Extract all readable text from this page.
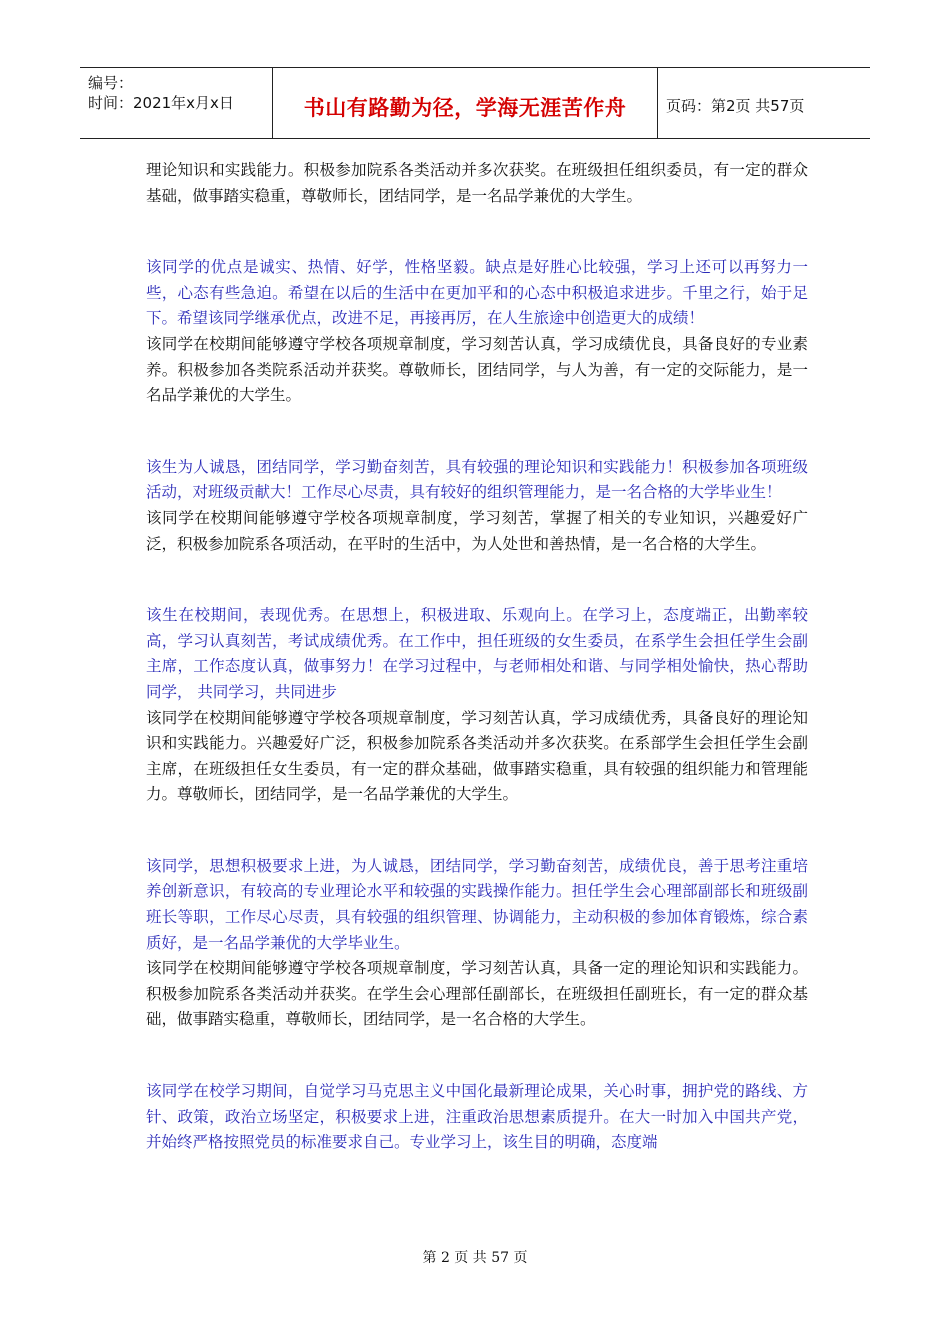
编号：
时间：2021年x月x日	书山有路勤为径，学海无涯苦作舟	页码：第2页 共57页

理论知识和实践能力。积极参加院系各类活动并多次获奖。在班级担任组织委员，有一定的群众基础，做事踏实稳重，尊敬师长，团结同学，是一名品学兼优的大学生。

该同学的优点是诚实、热情、好学，性格坚毅。缺点是好胜心比较强，学习上还可以再努力一些，心态有些急迫。希望在以后的生活中在更加平和的心态中积极追求进步。千里之行，始于足下。希望该同学继承优点，改进不足，再接再厉，在人生旅途中创造更大的成绩！

该同学在校期间能够遵守学校各项规章制度，学习刻苦认真，学习成绩优良，具备良好的专业素养。积极参加各类院系活动并获奖。尊敬师长，团结同学，与人为善，有一定的交际能力，是一名品学兼优的大学生。

该生为人诚恳，团结同学，学习勤奋刻苦，具有较强的理论知识和实践能力！积极参加各项班级活动，对班级贡献大！工作尽心尽责，具有较好的组织管理能力，是一名合格的大学毕业生！

该同学在校期间能够遵守学校各项规章制度，学习刻苦，掌握了相关的专业知识，兴趣爱好广泛，积极参加院系各项活动，在平时的生活中，为人处世和善热情，是一名合格的大学生。

该生在校期间，表现优秀。在思想上，积极进取、乐观向上。在学习上，态度端正，出勤率较高，学习认真刻苦，考试成绩优秀。在工作中，担任班级的女生委员，在系学生会担任学生会副主席，工作态度认真，做事努力！在学习过程中，与老师相处和谐、与同学相处愉快，热心帮助同学， 共同学习，共同进步

该同学在校期间能够遵守学校各项规章制度，学习刻苦认真，学习成绩优秀，具备良好的理论知识和实践能力。兴趣爱好广泛，积极参加院系各类活动并多次获奖。在系部学生会担任学生会副主席，在班级担任女生委员，有一定的群众基础，做事踏实稳重，具有较强的组织能力和管理能力。尊敬师长，团结同学，是一名品学兼优的大学生。

该同学，思想积极要求上进，为人诚恳，团结同学，学习勤奋刻苦，成绩优良，善于思考注重培养创新意识，有较高的专业理论水平和较强的实践操作能力。担任学生会心理部副部长和班级副班长等职，工作尽心尽责，具有较强的组织管理、协调能力，主动积极的参加体育锻炼，综合素质好，是一名品学兼优的大学毕业生。

该同学在校期间能够遵守学校各项规章制度，学习刻苦认真，具备一定的理论知识和实践能力。积极参加院系各类活动并获奖。在学生会心理部任副部长，在班级担任副班长，有一定的群众基础，做事踏实稳重，尊敬师长，团结同学，是一名合格的大学生。

该同学在校学习期间，自觉学习马克思主义中国化最新理论成果，关心时事，拥护党的路线、方针、政策，政治立场坚定，积极要求上进，注重政治思想素质提升。在大一时加入中国共产党，并始终严格按照党员的标准要求自己。专业学习上，该生目的明确，态度端

第 2 页 共 57 页
